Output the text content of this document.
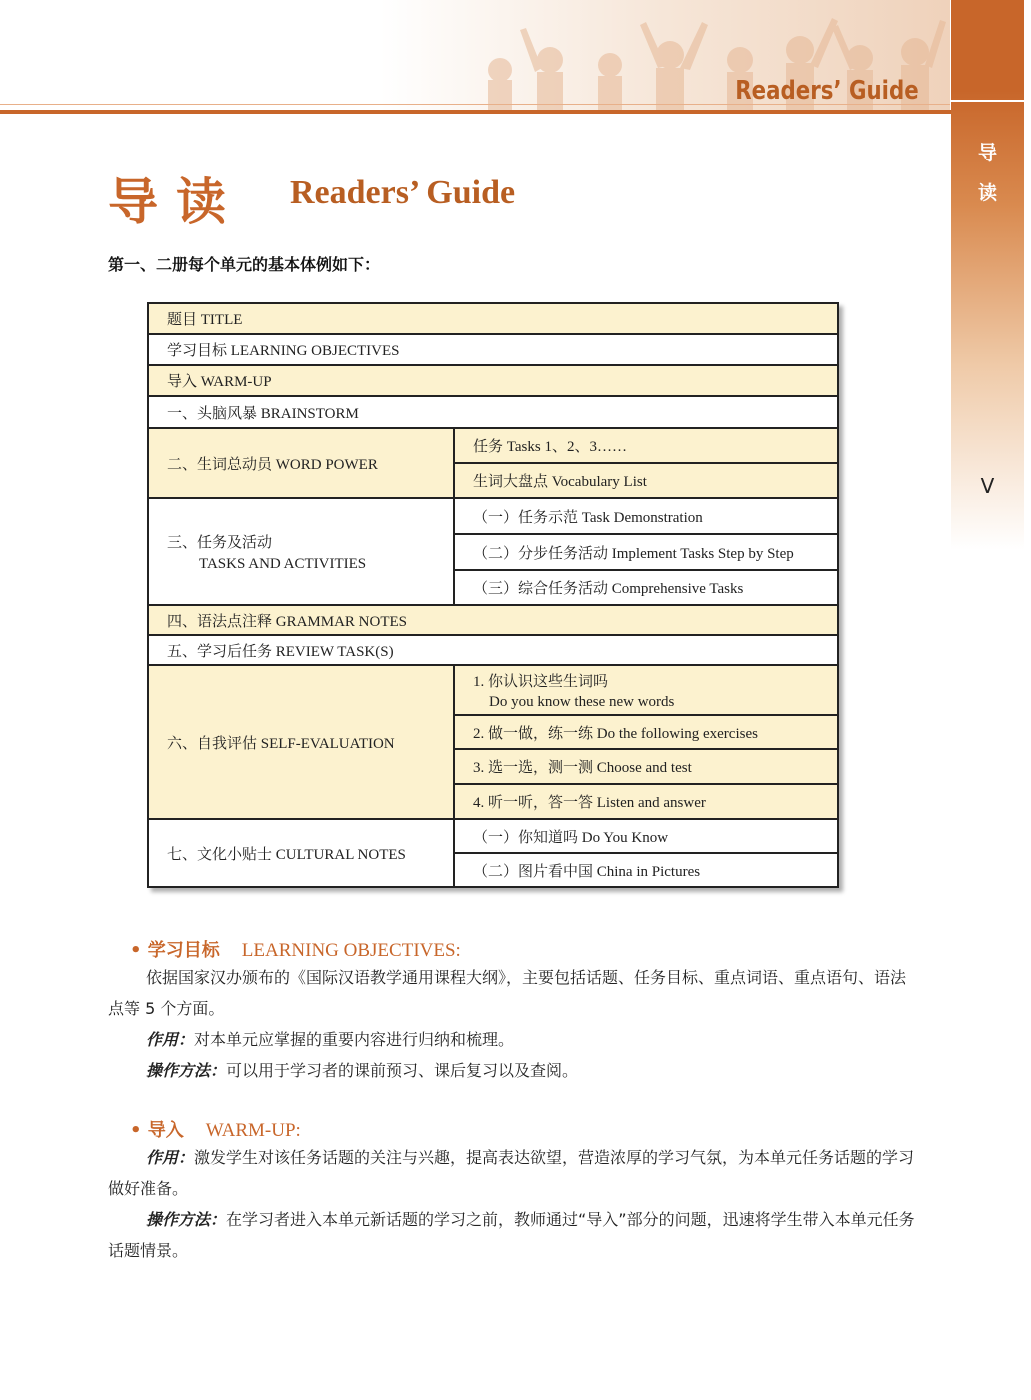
Readers’ Guide
导
读
V
导读 Readers’ Guide
第一、二册每个单元的基本体例如下：
题目 TITLE	
学习目标 LEARNING OBJECTIVES	
导入 WARM-UP	
一、头脑风暴 BRAINSTORM	
二、生词总动员 WORD POWER	任务 Tasks 1、2、3……
	生词大盘点 Vocabulary List

三、任务及活动
TASKS AND ACTIVITIES	（一）任务示范 Task Demonstration
	（二）分步任务活动 Implement Tasks Step by Step
	（三）综合任务活动 Comprehensive Tasks
四、语法点注释 GRAMMAR NOTES	
五、学习后任务 REVIEW TASK(S)	
六、自我评估 SELF-EVALUATION	1. 你认识这些生词吗
Do you know these new words

	2. 做一做，练一练 Do the following exercises
	3. 选一选，测一测 Choose and test
	4. 听一听，答一答 Listen and answer
七、文化小贴士 CULTURAL NOTES	（一）你知道吗 Do You Know
	（二）图片看中国 China in Pictures
• 学习目标 LEARNING OBJECTIVES:
依据国家汉办颁布的《国际汉语教学通用课程大纲》，主要包括话题、任务目标、重点词语、重点语句、语法点等 5 个方面。
作用：对本单元应掌握的重要内容进行归纳和梳理。
操作方法：可以用于学习者的课前预习、课后复习以及查阅。
• 导入 WARM-UP:
作用：激发学生对该任务话题的关注与兴趣，提高表达欲望，营造浓厚的学习气氛，为本单元任务话题的学习做好准备。
操作方法：在学习者进入本单元新话题的学习之前，教师通过“导入”部分的问题，迅速将学生带入本单元任务话题情景。
